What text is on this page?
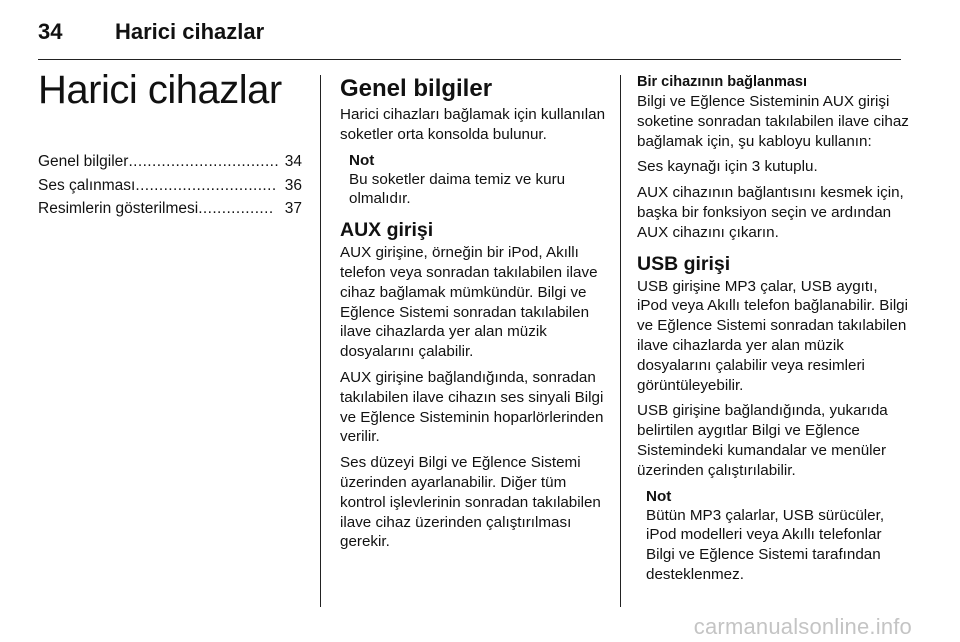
34 Harici cihazlar
Harici cihazlar
Genel bilgiler ................................ 34
Ses çalınması .............................. 36
Resimlerin gösterilmesi ................ 37
Genel bilgiler

Harici cihazları bağlamak için kullanılan soketler orta konsolda bulunur.

Not
Bu soketler daima temiz ve kuru olmalıdır.
AUX girişi

AUX girişine, örneğin bir iPod, Akıllı telefon veya sonradan takılabilen ilave cihaz bağlamak mümkündür. Bilgi ve Eğlence Sistemi sonradan takılabilen ilave cihazlarda yer alan müzik dosyalarını çalabilir.

AUX girişine bağlandığında, sonradan takılabilen ilave cihazın ses sinyali Bilgi ve Eğlence Sisteminin hoparlörlerinden verilir.

Ses düzeyi Bilgi ve Eğlence Sistemi üzerinden ayarlanabilir. Diğer tüm kontrol işlevlerinin sonradan takılabilen ilave cihaz üzerinden çalıştırılması gerekir.

Bir cihazının bağlanması

Bilgi ve Eğlence Sisteminin AUX girişi soketine sonradan takılabilen ilave cihaz bağlamak için, şu kabloyu kullanın:

Ses kaynağı için 3 kutuplu.

AUX cihazının bağlantısını kesmek için, başka bir fonksiyon seçin ve ardından AUX cihazını çıkarın.

USB girişi

USB girişine MP3 çalar, USB aygıtı, iPod veya Akıllı telefon bağlanabilir. Bilgi ve Eğlence Sistemi sonradan takılabilen ilave cihazlarda yer alan müzik dosyalarını çalabilir veya resimleri görüntüleyebilir.

USB girişine bağlandığında, yukarıda belirtilen aygıtlar Bilgi ve Eğlence Sistemindeki kumandalar ve menüler üzerinden çalıştırılabilir.

Not
Bütün MP3 çalarlar, USB sürücüler, iPod modelleri veya Akıllı telefonlar Bilgi ve Eğlence Sistemi tarafından desteklenmez.
carmanualsonline.info
